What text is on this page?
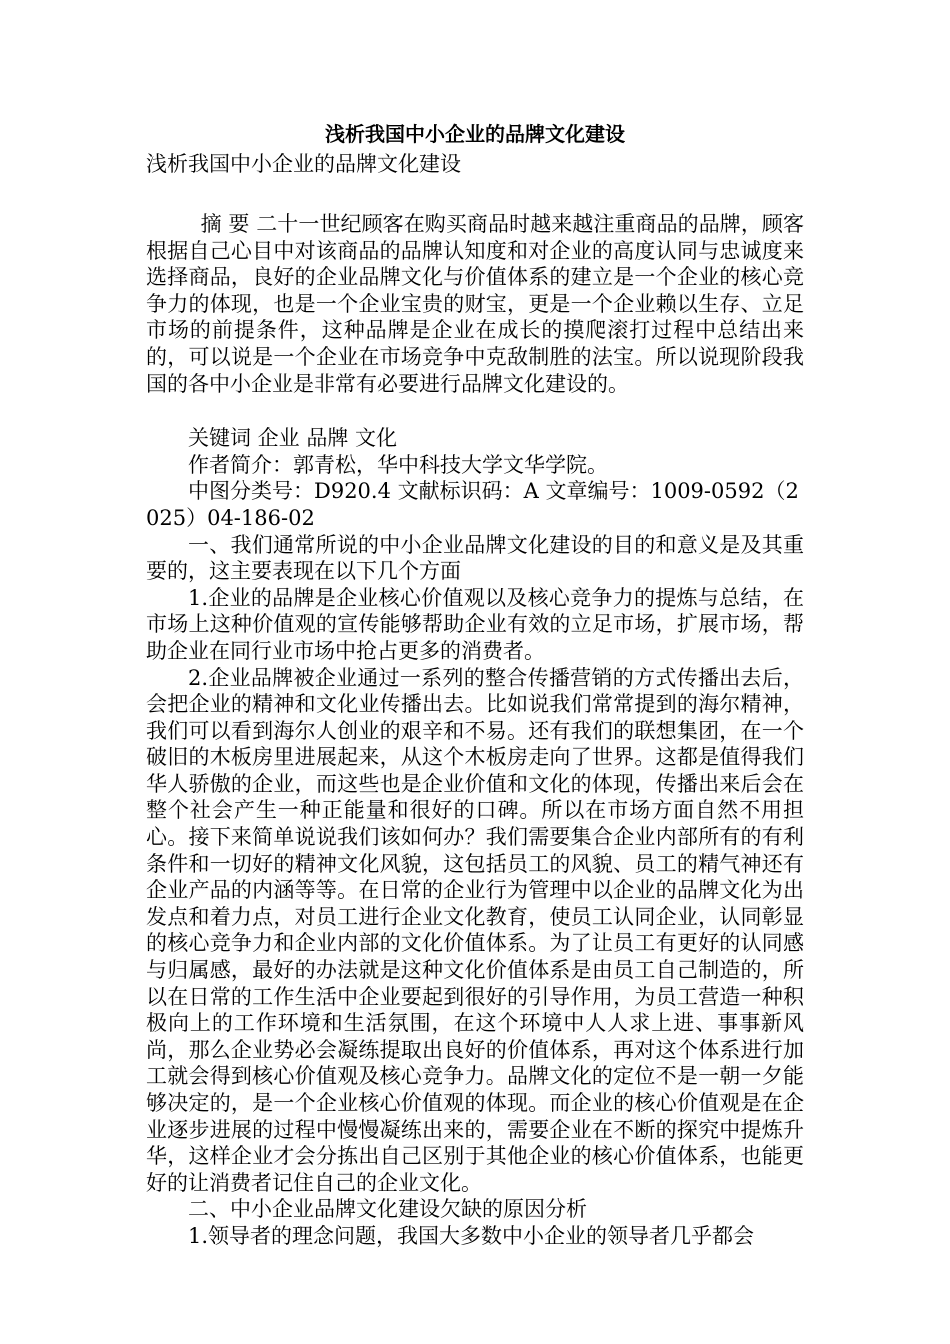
浅析我国中小企业的品牌文化建设
浅析我国中小企业的品牌文化建设

摘 要 二十一世纪顾客在购买商品时越来越注重商品的品牌，顾客根据自己心目中对该商品的品牌认知度和对企业的高度认同与忠诚度来选择商品，良好的企业品牌文化与价值体系的建立是一个企业的核心竞争力的体现，也是一个企业宝贵的财宝，更是一个企业赖以生存、立足市场的前提条件，这种品牌是企业在成长的摸爬滚打过程中总结出来的，可以说是一个企业在市场竞争中克敌制胜的法宝。所以说现阶段我国的各中小企业是非常有必要进行品牌文化建设的。

关键词 企业 品牌 文化

作者简介：郭青松，华中科技大学文华学院。

中图分类号：D920.4 文献标识码：A 文章编号：1009-0592（2025）04-186-02

一、我们通常所说的中小企业品牌文化建设的目的和意义是及其重要的，这主要表现在以下几个方面

1.企业的品牌是企业核心价值观以及核心竞争力的提炼与总结，在市场上这种价值观的宣传能够帮助企业有效的立足市场，扩展市场，帮助企业在同行业市场中抢占更多的消费者。

2.企业品牌被企业通过一系列的整合传播营销的方式传播出去后，会把企业的精神和文化业传播出去。比如说我们常常提到的海尔精神，我们可以看到海尔人创业的艰辛和不易。还有我们的联想集团，在一个破旧的木板房里进展起来，从这个木板房走向了世界。这都是值得我们华人骄傲的企业，而这些也是企业价值和文化的体现，传播出来后会在整个社会产生一种正能量和很好的口碑。所以在市场方面自然不用担心。接下来简单说说我们该如何办？我们需要集合企业内部所有的有利条件和一切好的精神文化风貌，这包括员工的风貌、员工的精气神还有企业产品的内涵等等。在日常的企业行为管理中以企业的品牌文化为出发点和着力点，对员工进行企业文化教育，使员工认同企业，认同彰显的核心竞争力和企业内部的文化价值体系。为了让员工有更好的认同感与归属感，最好的办法就是这种文化价值体系是由员工自己制造的，所以在日常的工作生活中企业要起到很好的引导作用，为员工营造一种积极向上的工作环境和生活氛围，在这个环境中人人求上进、事事新风尚，那么企业势必会凝练提取出良好的价值体系，再对这个体系进行加工就会得到核心价值观及核心竞争力。品牌文化的定位不是一朝一夕能够决定的，是一个企业核心价值观的体现。而企业的核心价值观是在企业逐步进展的过程中慢慢凝练出来的，需要企业在不断的探究中提炼升华，这样企业才会分拣出自己区别于其他企业的核心价值体系，也能更好的让消费者记住自己的企业文化。

二、中小企业品牌文化建设欠缺的原因分析

1.领导者的理念问题，我国大多数中小企业的领导者几乎都会
